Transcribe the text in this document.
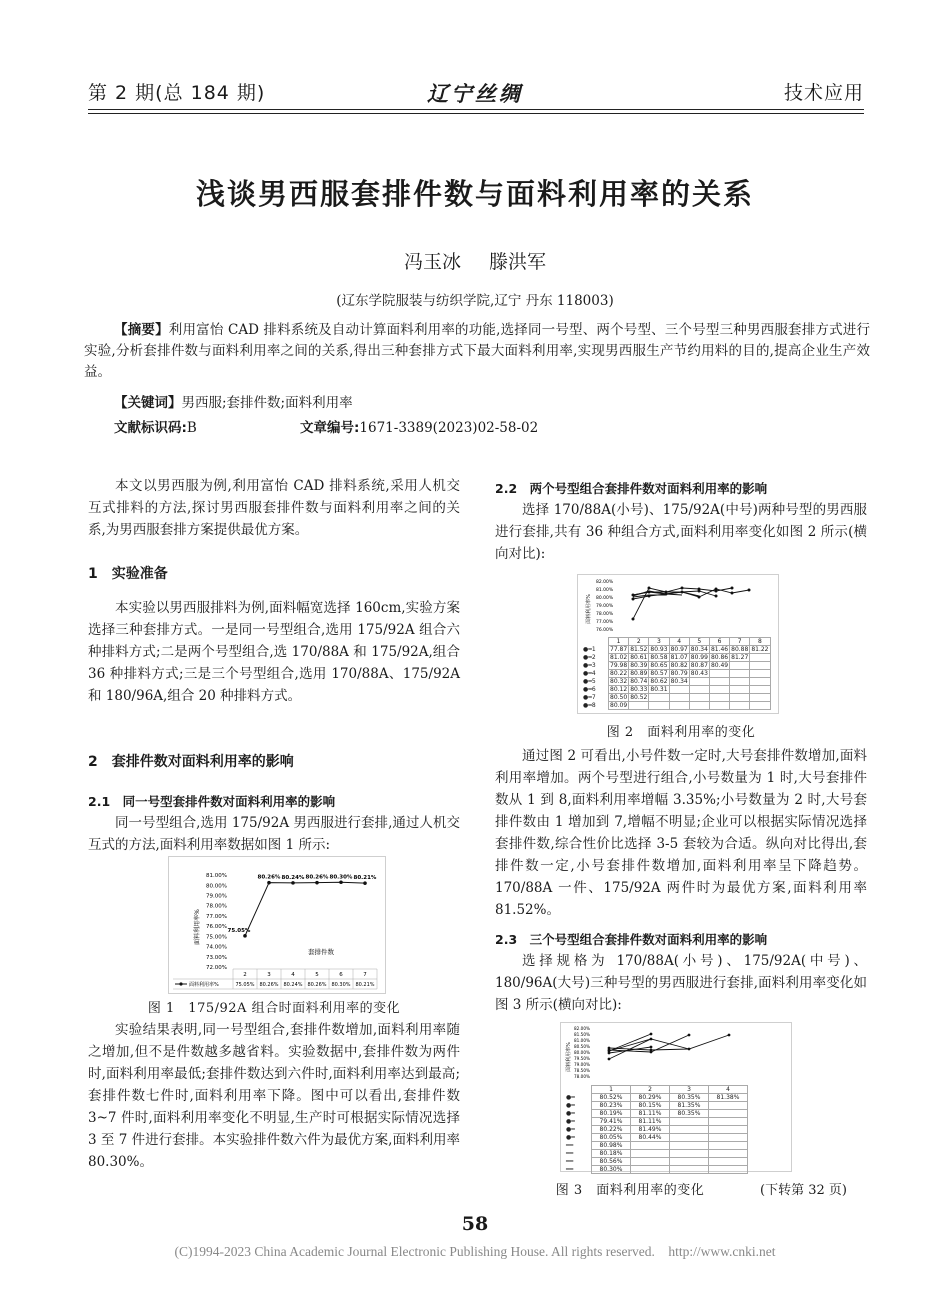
第 2 期(总 184 期)	辽宁丝绸	技术应用
浅谈男西服套排件数与面料利用率的关系
冯玉冰 滕洪军
(辽东学院服装与纺织学院,辽宁 丹东 118003)
【摘要】利用富怡 CAD 排料系统及自动计算面料利用率的功能,选择同一号型、两个号型、三个号型三种男西服套排方式进行实验,分析套排件数与面料利用率之间的关系,得出三种套排方式下最大面料利用率,实现男西服生产节约用料的目的,提高企业生产效益。
【关键词】男西服;套排件数;面料利用率
文献标识码:B	文章编号:1671-3389(2023)02-58-02

本文以男西服为例,利用富怡 CAD 排料系统,采用人机交互式排料的方法,探讨男西服套排件数与面料利用率之间的关系,为男西服套排方案提供最优方案。

1　实验准备

本实验以男西服排料为例,面料幅宽选择 160cm,实验方案选择三种套排方式。一是同一号型组合,选用 175/92A 组合六种排料方式;二是两个号型组合,选 170/88A 和 175/92A,组合 36 种排料方式;三是三个号型组合,选用 170/88A、175/92A 和 180/96A,组合 20 种排料方式。

2　套排件数对面料利用率的影响
2.1　同一号型套排件数对面料利用率的影响

同一号型组合,选用 175/92A 男西服进行套排,通过人机交互式的方法,面料利用率数据如图 1 所示:

面料利用率%
套排件数
81.00%
80.00%
79.00%
78.00%
77.00%
76.00%
75.00%
74.00%
73.00%
72.00%
75.05%
80.26% 80.24% 80.26% 80.30% 80.21%
2
75.05%
3
80.26%
4
80.24%
5
80.26%
6
80.30%
7
80.21%
面料利用率%
图 1　175/92A 组合时面料利用率的变化

实验结果表明,同一号型组合,套排件数增加,面料利用率随之增加,但不是件数越多越省料。实验数据中,套排件数为两件时,面料利用率最低;套排件数达到六件时,面料利用率达到最高;套排件数七件时,面料利用率下降。图中可以看出,套排件数 3~7 件时,面料利用率变化不明显,生产时可根据实际情况选择 3 至 7 件进行套排。本实验排件数六件为最优方案,面料利用率 80.30%。

2.2　两个号型组合套排件数对面料利用率的影响

选择 170/88A(小号)、175/92A(中号)两种号型的男西服进行套排,共有 36 种组合方式,面料利用率变化如图 2 所示(横向对比):

面料利用率%
82.00%
81.00%
80.00%
79.00%
78.00%
77.00%
76.00%
	1	2	3	4	5	6	7	8
●━1	77.87	81.52	80.93	80.97	80.34	81.46	80.88	81.22
●━2	81.02	80.61	80.58	81.07	80.99	80.86	81.27	
●━3	79.98	80.39	80.65	80.82	80.87	80.49		
●━4	80.22	80.89	80.57	80.79	80.43			
●━5	80.32	80.74	80.62	80.34				
●━6	80.12	80.33	80.31					
●━7	80.50	80.52						
●━8	80.09							
图 2　面料利用率的变化

通过图 2 可看出,小号件数一定时,大号套排件数增加,面料利用率增加。两个号型进行组合,小号数量为 1 时,大号套排件数从 1 到 8,面料利用率增幅 3.35%;小号数量为 2 时,大号套排件数由 1 增加到 7,增幅不明显;企业可以根据实际情况选择套排件数,综合性价比选择 3-5 套较为合适。纵向对比得出,套排件数一定,小号套排件数增加,面料利用率呈下降趋势。170/88A 一件、175/92A 两件时为最优方案,面料利用率 81.52%。

2.3　三个号型组合套排件数对面料利用率的影响

选择规格为 170/88A(小号)、175/92A(中号)、180/96A(大号)三种号型的男西服进行套排,面料利用率变化如图 3 所示(横向对比):

面料利用率%
82.00%
81.50%
81.00%
80.50%
80.00%
79.50%
79.00%
78.50%
78.00%
	1	2	3	4
●━	80.52%	80.29%	80.35%	81.38%
●━	80.23%	80.15%	81.35%	
●━	80.19%	81.11%	80.35%	
●━	79.41%	81.11%		
●━	80.22%	81.49%		
●━	80.05%	80.44%		
━━	80.98%			
━━	80.18%			
━━	80.56%			
━━	80.30%			
图 3　面料利用率的变化	(下转第 32 页)
58
(C)1994-2023 China Academic Journal Electronic Publishing House. All rights reserved.　http://www.cnki.net
